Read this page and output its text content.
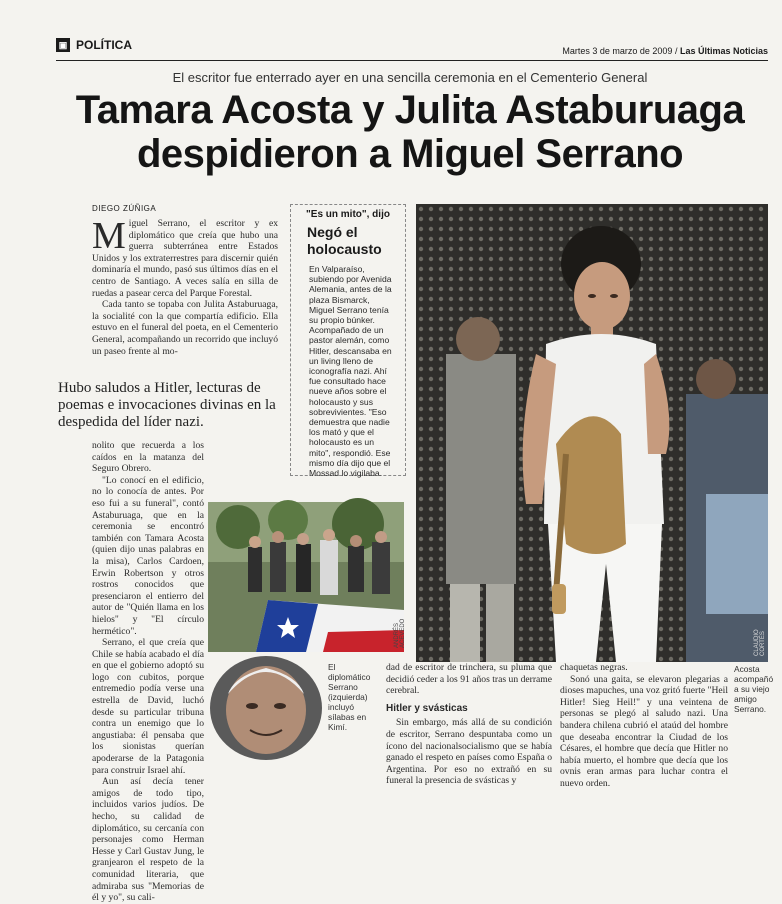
▣ POLÍTICA	Martes 3 de marzo de 2009 / Las Últimas Noticias
El escritor fue enterrado ayer en una sencilla ceremonia en el Cementerio General
Tamara Acosta y Julita Astaburuaga
despidieron a Miguel Serrano
DIEGO ZÚÑIGA

Miguel Serrano, el escritor y ex diplomático que creía que hubo una guerra subterránea entre Estados Unidos y los extraterrestres para discernir quién dominaría el mundo, pasó sus últimos días en el centro de Santiago. A veces salía en silla de ruedas a pasear cerca del Parque Forestal.

Cada tanto se topaba con Julita Astaburuaga, la socialité con la que compartía edificio. Ella estuvo en el funeral del poeta, en el Cementerio General, acompañando un recorrido que incluyó un paseo frente al mo-

Hubo saludos a Hitler, lecturas de poemas e invocaciones divinas en la despedida del líder nazi.

nolito que recuerda a los caídos en la matanza del Seguro Obrero.

"Lo conocí en el edificio, no lo conocía de antes. Por eso fui a su funeral", contó Astaburuaga, que en la ceremonia se encontró también con Tamara Acosta (quien dijo unas palabras en la misa), Carlos Cardoen, Erwin Robertson y otros rostros conocidos que presenciaron el entierro del autor de "Quién llama en los hielos" y "El círculo hermético".

Serrano, el que creía que Chile se había acabado el día en que el gobierno adoptó su logo con cubitos, porque entremedio podía verse una estrella de David, luchó desde su particular tribuna contra un enemigo que lo angustiaba: él pensaba que los sionistas querían apoderarse de la Patagonia para construir Israel ahí.

Aun así decía tener amigos de todo tipo, incluidos varios judíos. De hecho, su calidad de diplomático, su cercanía con personajes como Herman Hesse y Carl Gustav Jung, le granjearon el respeto de la comunidad literaria, que admiraba sus "Memorias de él y yo", su cali-

"Es un mito", dijo
Negó el holocausto
En Valparaíso, subiendo por Avenida Alemania, antes de la plaza Bismarck, Miguel Serrano tenía su propio búnker. Acompañado de un pastor alemán, como Hitler, descansaba en un living lleno de iconografía nazi. Ahí fue consultado hace nueve años sobre el holocausto y sus sobrevivientes. "Eso demuestra que nadie los mató y que el holocausto es un mito", respondió. Ese mismo día dijo que el Mossad lo vigilaba.
ANDRÉS ACEVEDO
El diplomático Serrano (izquierda) incluyó sílabas en Kimí.

dad de escritor de trinchera, su pluma que decidió ceder a los 91 años tras un derrame cerebral.

Hitler y svásticas

Sin embargo, más allá de su condición de escritor, Serrano despuntaba como un ícono del nacionalsocialismo que se había ganado el respeto en países como España o Argentina. Por eso no extrañó en su funeral la presencia de svásticas y

chaquetas negras.

Sonó una gaita, se elevaron plegarias a dioses mapuches, una voz gritó fuerte "Heil Hitler! Sieg Heil!" y una veintena de personas se plegó al saludo nazi. Una bandera chilena cubrió el ataúd del hombre que deseaba encontrar la Ciudad de los Césares, el hombre que decía que Hitler no había muerto, el hombre que decía que los ovnis eran armas para luchar contra el nuevo orden.

CLAUDIO CORTÉS
Acosta acompañó a su viejo amigo Serrano.
